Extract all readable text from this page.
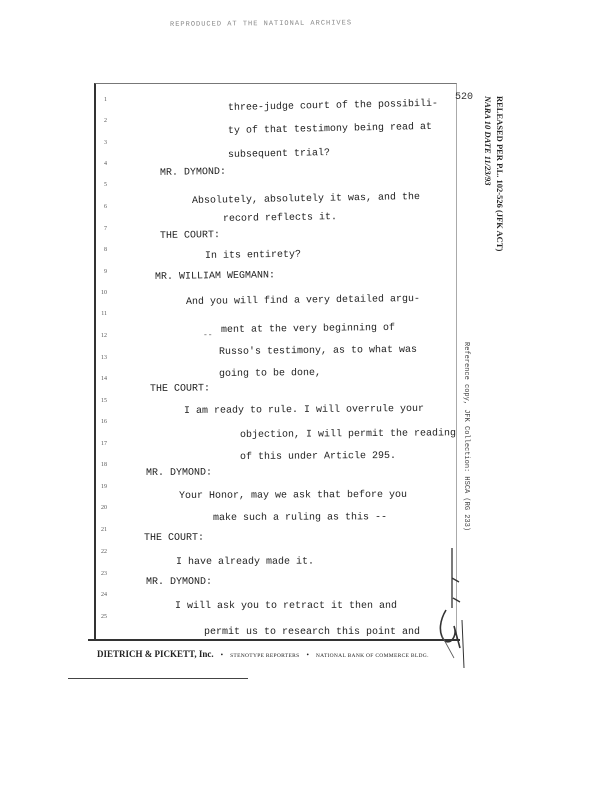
REPRODUCED AT THE NATIONAL ARCHIVES
520
1
2
3
4
5
6
7
8
9
10
11
12
13
14
15
16
17
18
19
20
21
22
23
24
25
three-judge court of the possibili-
ty of that testimony being read at
subsequent trial?
MR. DYMOND:
Absolutely, absolutely it was, and the
record reflects it.
THE COURT:
In its entirety?
MR. WILLIAM WEGMANN:
And you will find a very detailed argu-
ment at the very beginning of
Russo's testimony, as to what was
going to be done,
THE COURT:
I am ready to rule. I will overrule your
objection, I will permit the reading
of this under Article 295.
MR. DYMOND:
Your Honor, may we ask that before you
make such a ruling as this --
THE COURT:
I have already made it.
MR. DYMOND:
I will ask you to retract it then and
permit us to research this point and
--
DIETRICH & PICKETT, Inc. • STENOTYPE REPORTERS • NATIONAL BANK OF COMMERCE BLDG.
RELEASED PER P.L. 102-526 (JFK ACT)
NARA 10 DATE 11/23/93
Reference copy, JFK Collection: HSCA (RG 233)
